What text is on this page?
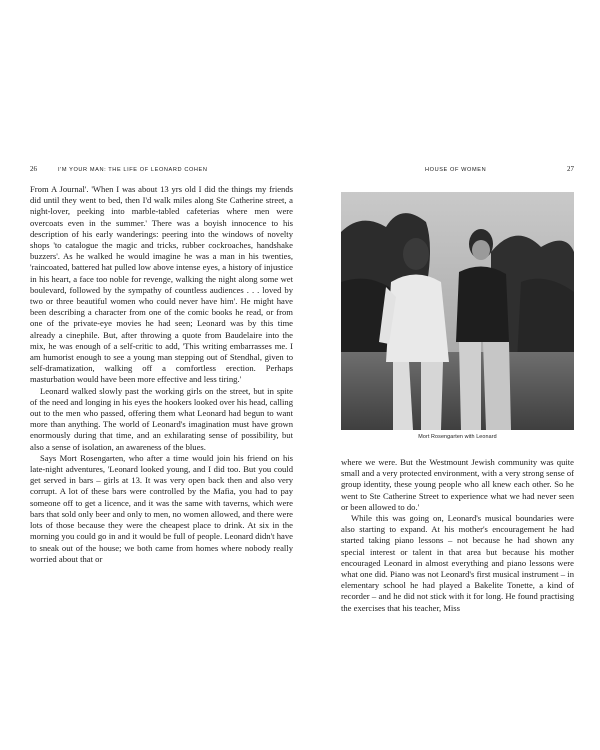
26	I'M YOUR MAN: THE LIFE OF LEONARD COHEN

From A Journal'. 'When I was about 13 yrs old I did the things my friends did until they went to bed, then I'd walk miles along Ste Catherine street, a night-lover, peeking into marble-tabled cafeterias where men were overcoats even in the summer.' There was a boyish innocence to his description of his early wanderings: peering into the windows of novelty shops 'to catalogue the magic and tricks, rubber cockroaches, handshake buzzers'. As he walked he would imagine he was a man in his twenties, 'raincoated, battered hat pulled low above intense eyes, a history of injustice in his heart, a face too noble for revenge, walking the night along some wet boulevard, followed by the sympathy of countless audiences . . . loved by two or three beautiful women who could never have him'. He might have been describing a character from one of the comic books he read, or from one of the private-eye movies he had seen; Leonard was by this time already a cinephile. But, after throwing a quote from Baudelaire into the mix, he was enough of a self-critic to add, 'This writing embarrasses me. I am humorist enough to see a young man stepping out of Stendhal, given to self-dramatization, walking off a comfortless erection. Perhaps masturbation would have been more effective and less tiring.'

Leonard walked slowly past the working girls on the street, but in spite of the need and longing in his eyes the hookers looked over his head, calling out to the men who passed, offering them what Leonard had begun to want more than anything. The world of Leonard's imagination must have grown enormously during that time, and an exhilarating sense of possibility, but also a sense of isolation, an awareness of the blues.

Says Mort Rosengarten, who after a time would join his friend on his late-night adventures, 'Leonard looked young, and I did too. But you could get served in bars – girls at 13. It was very open back then and also very corrupt. A lot of these bars were controlled by the Mafia, you had to pay someone off to get a licence, and it was the same with taverns, which were bars that sold only beer and only to men, no women allowed, and there were lots of those because they were the cheapest place to drink. At six in the morning you could go in and it would be full of people. Leonard didn't have to sneak out of the house; we both came from homes where nobody really worried about that or

HOUSE OF WOMEN	27
Mort Rosengarten with Leonard

where we were. But the Westmount Jewish community was quite small and a very protected environment, with a very strong sense of group identity, these young people who all knew each other. So he went to Ste Catherine Street to experience what we had never seen or been allowed to do.'

While this was going on, Leonard's musical boundaries were also starting to expand. At his mother's encouragement he had started taking piano lessons – not because he had shown any special interest or talent in that area but because his mother encouraged Leonard in almost everything and piano lessons were what one did. Piano was not Leonard's first musical instrument – in elementary school he had played a Bakelite Tonette, a kind of recorder – and he did not stick with it for long. He found practising the exercises that his teacher, Miss
